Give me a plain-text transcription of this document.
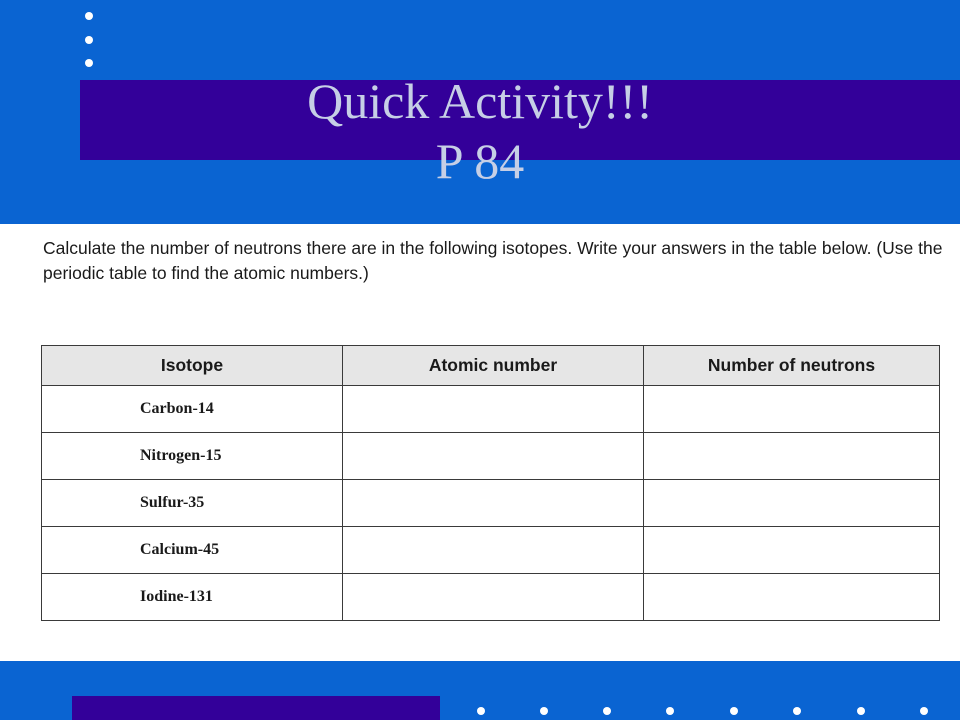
Quick Activity!!!
P 84

Calculate the number of neutrons there are in the following isotopes. Write your answers in the table below. (Use the periodic table to find the atomic numbers.)

Isotope	Atomic number	Number of neutrons
Carbon-14		
Nitrogen-15		
Sulfur-35		
Calcium-45		
Iodine-131		
